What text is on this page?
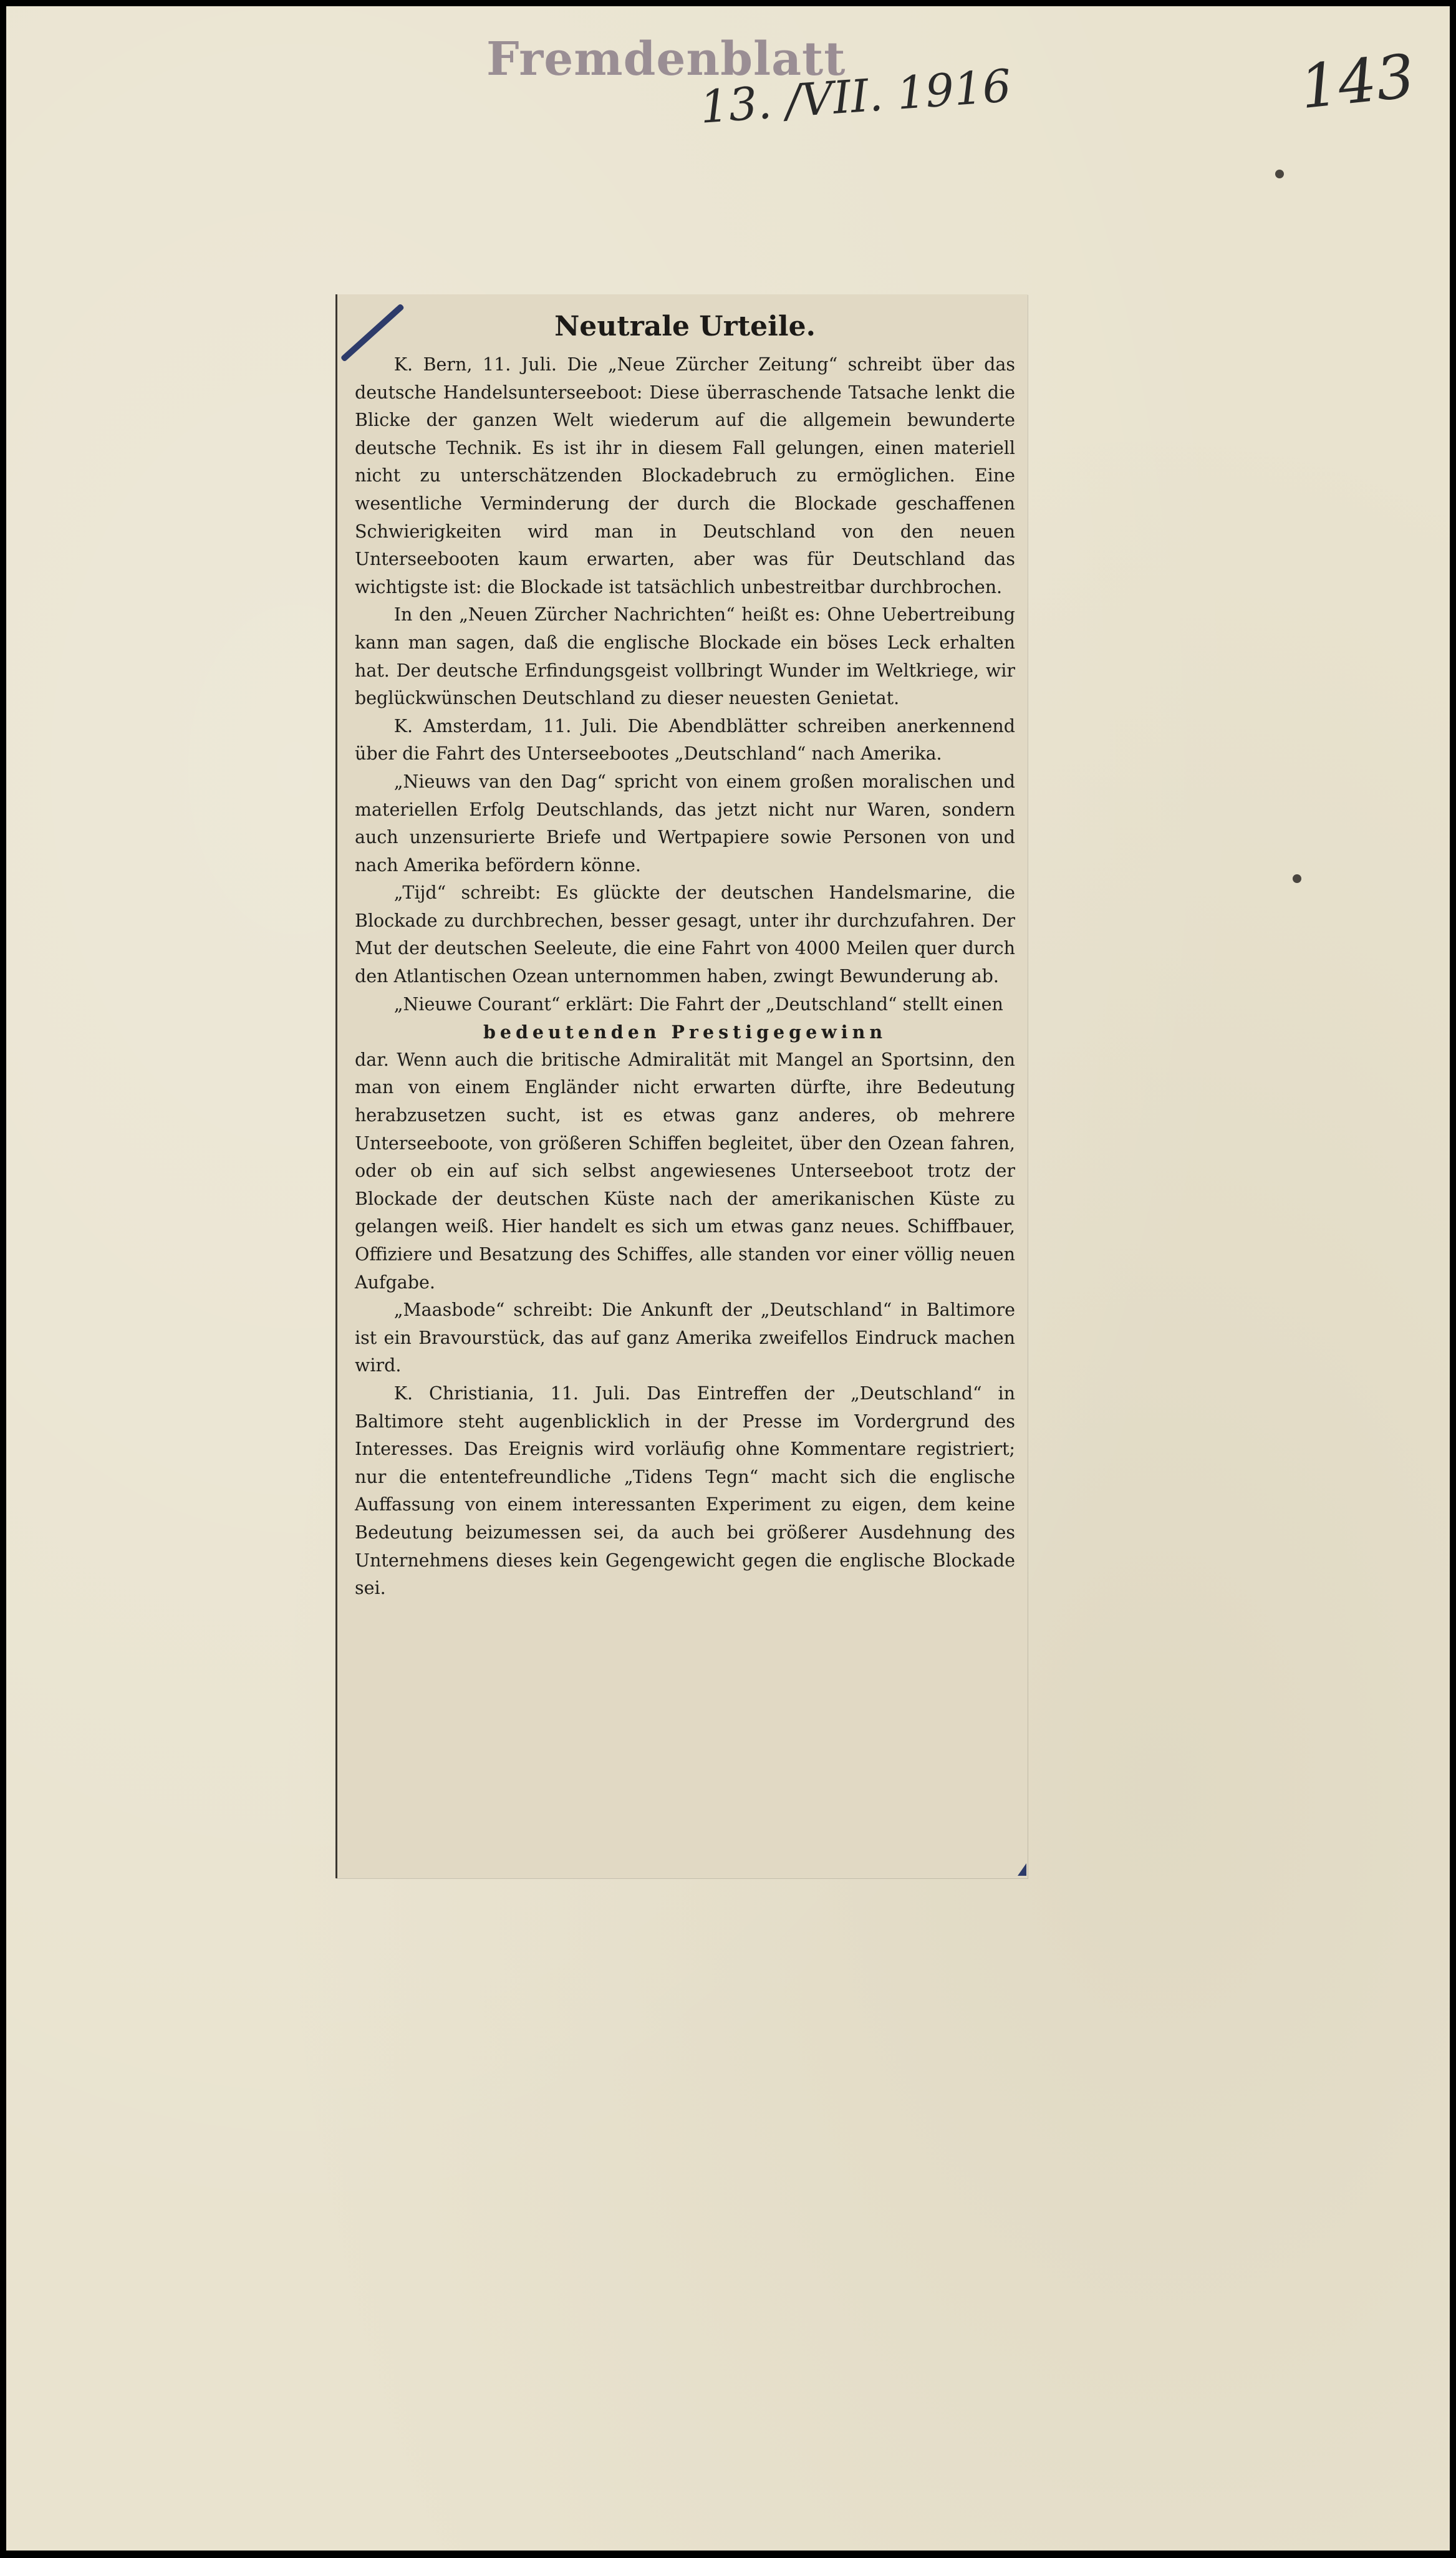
Fremdenblatt
13. /VII. 1916	143
Neutrale Urteile.

K. Bern, 11. Juli. Die „Neue Zürcher Zeitung“ schreibt über das deutsche Handelsunterseeboot: Diese überraschende Tatsache lenkt die Blicke der ganzen Welt wiederum auf die allgemein bewunderte deutsche Technik. Es ist ihr in diesem Fall gelungen, einen materiell nicht zu unterschätzenden Blockadebruch zu ermöglichen. Eine wesentliche Verminderung der durch die Blockade geschaffenen Schwierigkeiten wird man in Deutschland von den neuen Unterseebooten kaum erwarten, aber was für Deutschland das wichtigste ist: die Blockade ist tatsächlich unbestreitbar durchbrochen.

In den „Neuen Zürcher Nachrichten“ heißt es: Ohne Uebertreibung kann man sagen, daß die englische Blockade ein böses Leck erhalten hat. Der deutsche Erfindungsgeist vollbringt Wunder im Weltkriege, wir beglückwünschen Deutschland zu dieser neuesten Genietat.

K. Amsterdam, 11. Juli. Die Abendblätter schreiben anerkennend über die Fahrt des Unterseebootes „Deutschland“ nach Amerika.

„Nieuws van den Dag“ spricht von einem großen moralischen und materiellen Erfolg Deutschlands, das jetzt nicht nur Waren, sondern auch unzensurierte Briefe und Wertpapiere sowie Personen von und nach Amerika befördern könne.

„Tijd“ schreibt: Es glückte der deutschen Handelsmarine, die Blockade zu durchbrechen, besser gesagt, unter ihr durchzufahren. Der Mut der deutschen Seeleute, die eine Fahrt von 4000 Meilen quer durch den Atlantischen Ozean unternommen haben, zwingt Bewunderung ab.

„Nieuwe Courant“ erklärt: Die Fahrt der „Deutschland“ stellt einen

bedeutenden Prestigegewinn

dar. Wenn auch die britische Admiralität mit Mangel an Sportsinn, den man von einem Engländer nicht erwarten dürfte, ihre Bedeutung herabzusetzen sucht, ist es etwas ganz anderes, ob mehrere Unterseeboote, von größeren Schiffen begleitet, über den Ozean fahren, oder ob ein auf sich selbst angewiesenes Unterseeboot trotz der Blockade der deutschen Küste nach der amerikanischen Küste zu gelangen weiß. Hier handelt es sich um etwas ganz neues. Schiffbauer, Offiziere und Besatzung des Schiffes, alle standen vor einer völlig neuen Aufgabe.

„Maasbode“ schreibt: Die Ankunft der „Deutschland“ in Baltimore ist ein Bravourstück, das auf ganz Amerika zweifellos Eindruck machen wird.

K. Christiania, 11. Juli. Das Eintreffen der „Deutschland“ in Baltimore steht augenblicklich in der Presse im Vordergrund des Interesses. Das Ereignis wird vorläufig ohne Kommentare registriert; nur die ententefreundliche „Tidens Tegn“ macht sich die englische Auffassung von einem interessanten Experiment zu eigen, dem keine Bedeutung beizumessen sei, da auch bei größerer Ausdehnung des Unternehmens dieses kein Gegengewicht gegen die englische Blockade sei.
